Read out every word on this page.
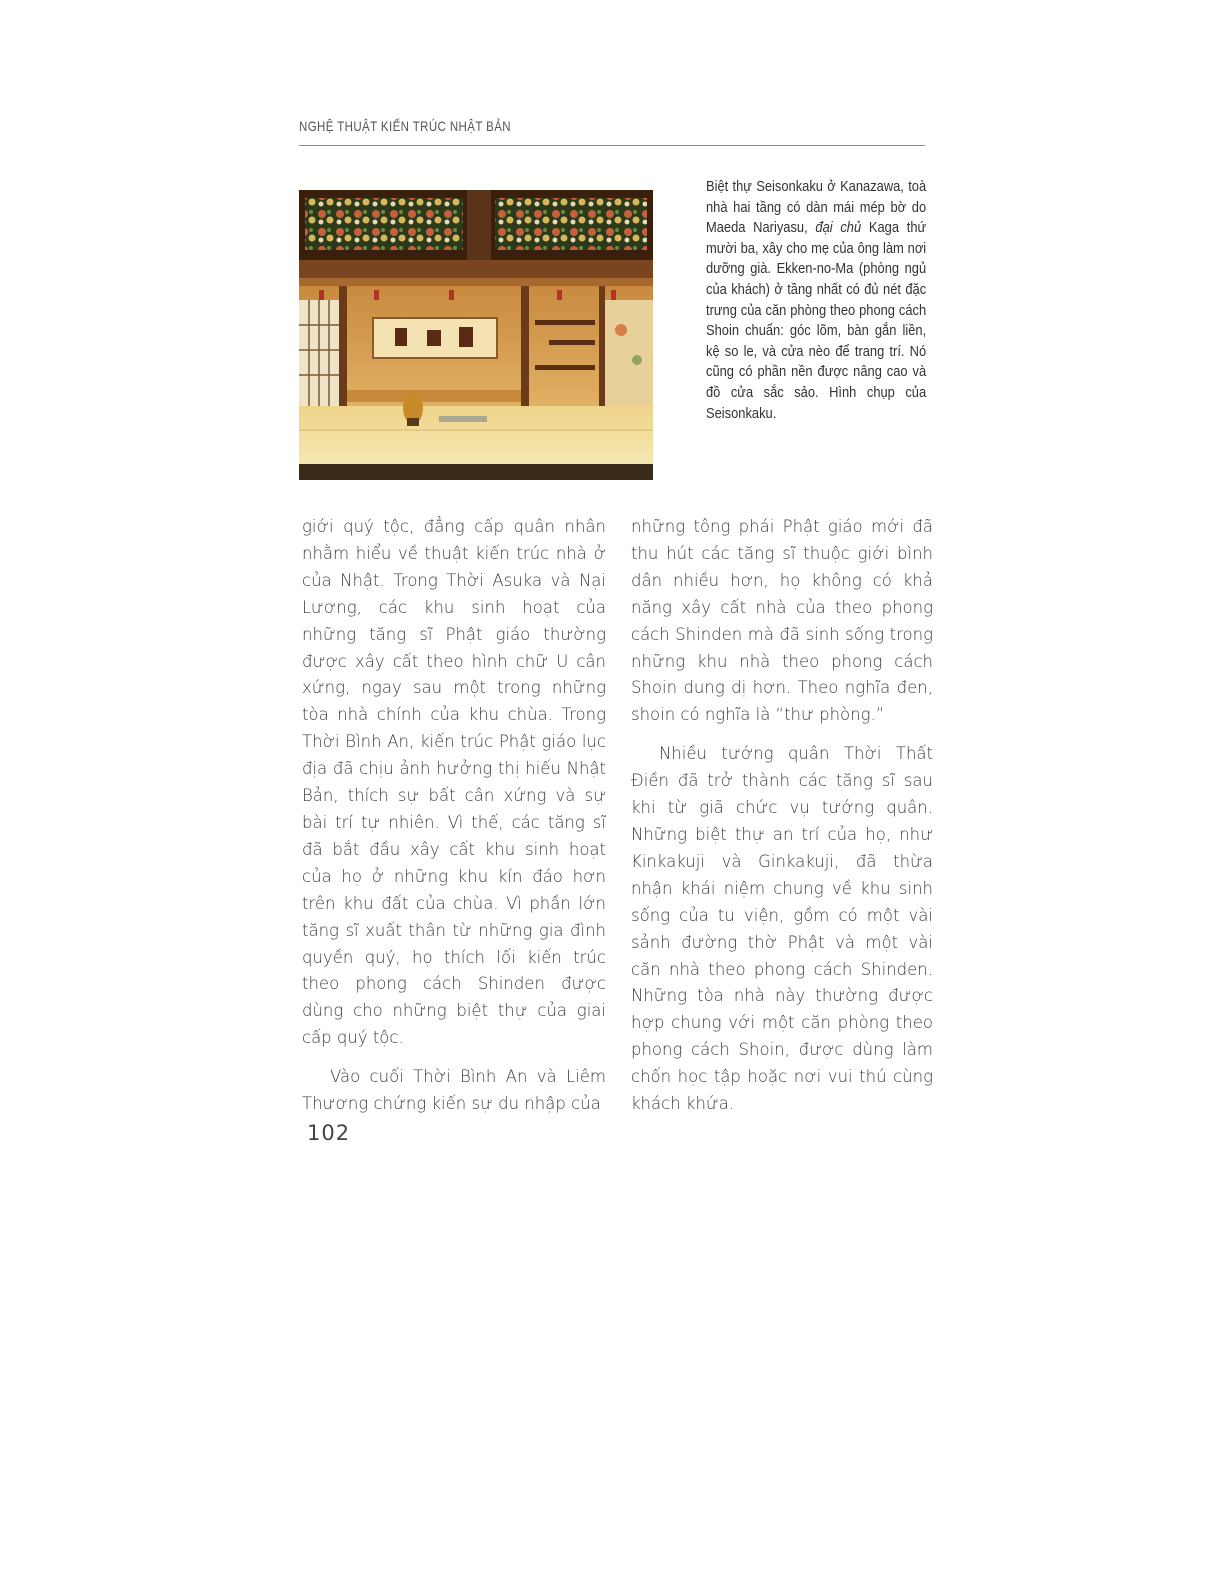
NGHỆ THUẬT KIẾN TRÚC NHẬT BẢN
Biệt thự Seisonkaku ở Kanazawa, toà nhà hai tầng có dàn mái mép bờ do Maeda Nariyasu, đại chủ Kaga thứ mười ba, xây cho mẹ của ông làm nơi dưỡng già. Ekken-no-Ma (phòng ngủ của khách) ở tầng nhất có đủ nét đặc trưng của căn phòng theo phong cách Shoin chuẩn: góc lõm, bàn gắn liền, kệ so le, và cửa nèo để trang trí. Nó cũng có phần nền được nâng cao và đồ cửa sắc sảo. Hình chụp của Seisonkaku.

giới quý tộc, đẳng cấp quân nhân nhằm hiểu về thuật kiến trúc nhà ở của Nhật. Trong Thời Asuka và Nại Lương, các khu sinh hoạt của những tăng sĩ Phật giáo thường được xây cất theo hình chữ U cân xứng, ngay sau một trong những tòa nhà chính của khu chùa. Trong Thời Bình An, kiến trúc Phật giáo lục địa đã chịu ảnh hưởng thị hiếu Nhật Bản, thích sự bất cân xứng và sự bài trí tự nhiên. Vì thế, các tăng sĩ đã bắt đầu xây cất khu sinh hoạt của họ ở những khu kín đáo hơn trên khu đất của chùa. Vì phần lớn tăng sĩ xuất thân từ những gia đình quyền quý, họ thích lối kiến trúc theo phong cách Shinden được dùng cho những biệt thự của giai cấp quý tộc.

Vào cuối Thời Bình An và Liêm Thương chứng kiến sự du nhập của

những tông phái Phật giáo mới đã thu hút các tăng sĩ thuộc giới bình dân nhiều hơn, họ không có khả năng xây cất nhà của theo phong cách Shinden mà đã sinh sống trong những khu nhà theo phong cách Shoin dung dị hơn. Theo nghĩa đen, shoin có nghĩa là “thư phòng.”

Nhiều tướng quân Thời Thất Điền đã trở thành các tăng sĩ sau khi từ giã chức vụ tướng quân. Những biệt thự an trí của họ, như Kinkakuji và Ginkakuji, đã thừa nhận khái niệm chung về khu sinh sống của tu viện, gồm có một vài sảnh đường thờ Phật và một vài căn nhà theo phong cách Shinden. Những tòa nhà này thường được hợp chung với một căn phòng theo phong cách Shoin, được dùng làm chốn học tập hoặc nơi vui thú cùng khách khứa.

102
